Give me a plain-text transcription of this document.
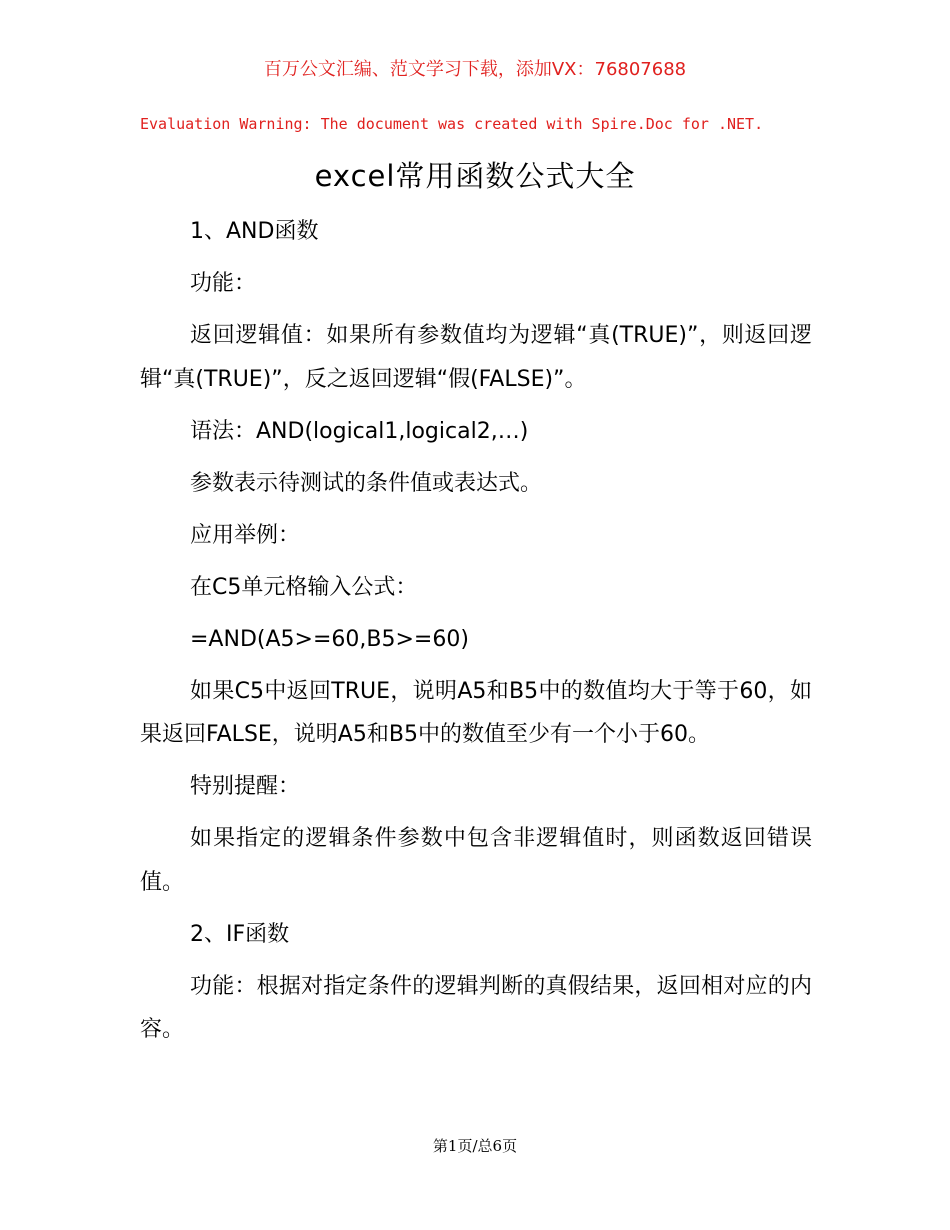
百万公文汇编、范文学习下载，添加VX：76807688
Evaluation Warning: The document was created with Spire.Doc for .NET.
excel常用函数公式大全

1、AND函数

功能：

返回逻辑值：如果所有参数值均为逻辑“真(TRUE)”，则返回逻辑“真(TRUE)”，反之返回逻辑“假(FALSE)”。

语法：AND(logical1,logical2,…)

参数表示待测试的条件值或表达式。

应用举例：

在C5单元格输入公式：

=AND(A5>=60,B5>=60)

如果C5中返回TRUE，说明A5和B5中的数值均大于等于60，如果返回FALSE，说明A5和B5中的数值至少有一个小于60。

特别提醒：

如果指定的逻辑条件参数中包含非逻辑值时，则函数返回错误值。

2、IF函数

功能：根据对指定条件的逻辑判断的真假结果，返回相对应的内容。

第1页/总6页
